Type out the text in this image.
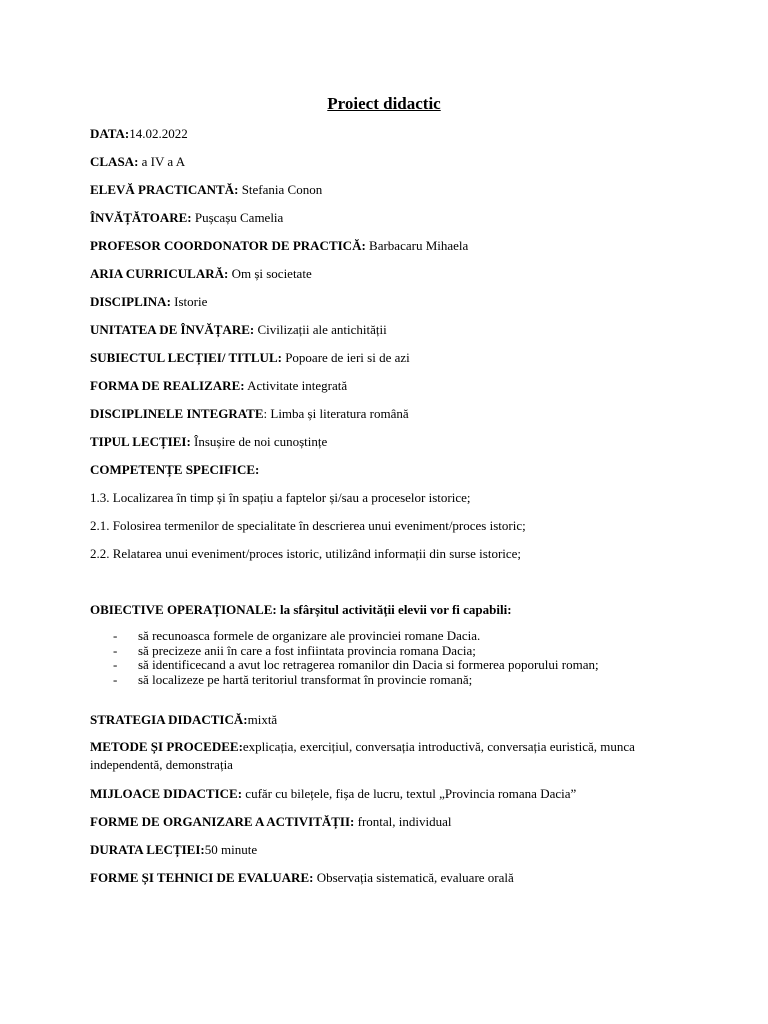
Proiect didactic
DATA:14.02.2022
CLASA: a IV a A
ELEVĂ PRACTICANTĂ: Stefania Conon
ÎNVĂȚĂTOARE: Pușcașu Camelia
PROFESOR COORDONATOR DE PRACTICĂ: Barbacaru Mihaela
ARIA CURRICULARĂ: Om și societate
DISCIPLINA: Istorie
UNITATEA DE ÎNVĂȚARE: Civilizații ale antichității
SUBIECTUL LECȚIEI/ TITLUL: Popoare de ieri si de azi
FORMA DE REALIZARE: Activitate integrată
DISCIPLINELE INTEGRATE: Limba și literatura română
TIPUL LECȚIEI: Însușire de noi cunoștințe
COMPETENȚE SPECIFICE:
1.3. Localizarea în timp și în spațiu a faptelor și/sau a proceselor istorice;
2.1. Folosirea termenilor de specialitate în descrierea unui eveniment/proces istoric;
2.2. Relatarea unui eveniment/proces istoric, utilizând informații din surse istorice;
OBIECTIVE OPERAȚIONALE: la sfârșitul activității elevii vor fi capabili:
- să recunoasca formele de organizare ale provinciei romane Dacia.
- să precizeze anii în care a fost infiintata provincia romana Dacia;
- să identificecand a avut loc retragerea romanilor din Dacia si formerea poporului roman;
- să localizeze pe hartă teritoriul transformat în provincie romană;
STRATEGIA DIDACTICĂ:mixtă
METODE ȘI PROCEDEE:explicația, exercițiul, conversația introductivă, conversația euristică, munca independentă, demonstrația
MIJLOACE DIDACTICE: cufăr cu bilețele, fișa de lucru, textul „Provincia romana Dacia”
FORME DE ORGANIZARE A ACTIVITĂȚII: frontal, individual
DURATA LECȚIEI:50 minute
FORME ȘI TEHNICI DE EVALUARE: Observația sistematică, evaluare orală
